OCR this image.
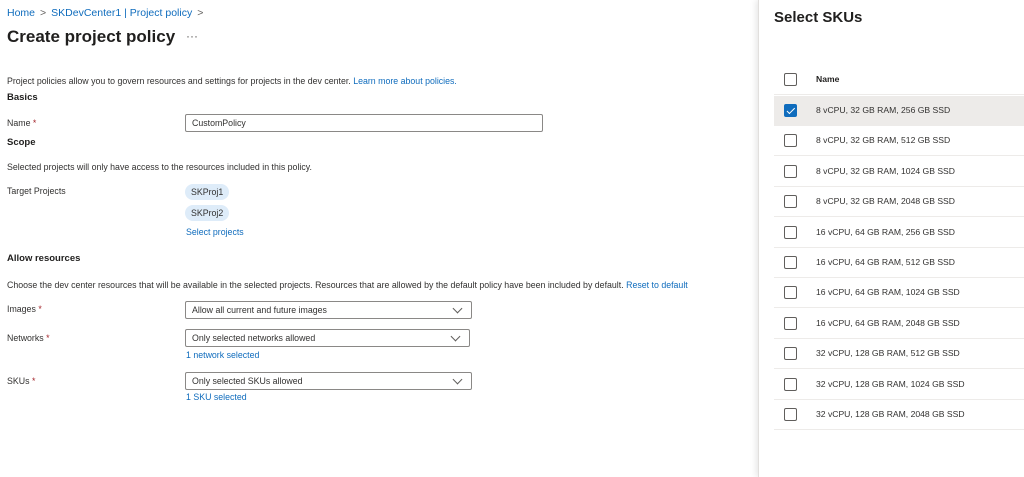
Home > SKDevCenter1 | Project policy >
Create project policy ···
Project policies allow you to govern resources and settings for projects in the dev center. Learn more about policies.
Basics
Name *	CustomPolicy
Scope
Selected projects will only have access to the resources included in this policy.
Target Projects	SKProj1
SKProj2
Select projects
Allow resources
Choose the dev center resources that will be available in the selected projects. Resources that are allowed by the default policy have been included by default. Reset to default
Images *	Allow all current and future images
Networks *	Only selected networks allowed
1 network selected
SKUs *	Only selected SKUs allowed
1 SKU selected
Select SKUs
Name
8 vCPU, 32 GB RAM, 256 GB SSD
8 vCPU, 32 GB RAM, 512 GB SSD
8 vCPU, 32 GB RAM, 1024 GB SSD
8 vCPU, 32 GB RAM, 2048 GB SSD
16 vCPU, 64 GB RAM, 256 GB SSD
16 vCPU, 64 GB RAM, 512 GB SSD
16 vCPU, 64 GB RAM, 1024 GB SSD
16 vCPU, 64 GB RAM, 2048 GB SSD
32 vCPU, 128 GB RAM, 512 GB SSD
32 vCPU, 128 GB RAM, 1024 GB SSD
32 vCPU, 128 GB RAM, 2048 GB SSD
